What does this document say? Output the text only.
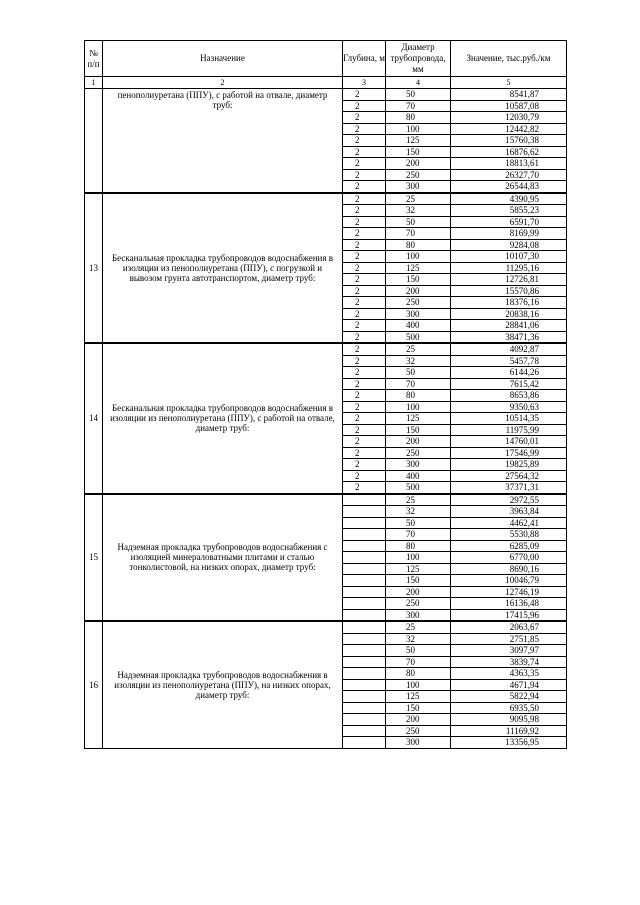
№ п/п	Назначение	Глубина, м	Диаметр трубопровода, мм	Значение, тыс.руб./км
1	2	3	4	5
	пенополиуретана (ППУ), с работой на отвале, диаметр труб:	2	50	8541,87
		2	70	10587,08
		2	80	12030,79
		2	100	12442,82
		2	125	15760,38
		2	150	16876,62
		2	200	18813,61
		2	250	26327,70
		2	300	26544,83
13	Бесканальная прокладка трубопроводов водоснабжения в изоляции из пенополиуретана (ППУ), с погрузкой и вывозом грунта автотранспортом, диаметр труб:	2	25	4390,95
		2	32	5855,23
		2	50	6591,70
		2	70	8169,99
		2	80	9284,08
		2	100	10107,30
		2	125	11295,16
		2	150	12726,81
		2	200	15570,86
		2	250	18376,16
		2	300	20838,16
		2	400	28841,06
		2	500	38471,36
14	Бесканальная прокладка трубопроводов водоснабжения в изоляции из пенополиуретана (ППУ), с работой на отвале, диаметр труб:	2	25	4092,87
		2	32	5457,78
		2	50	6144,26
		2	70	7615,42
		2	80	8653,86
		2	100	9350,63
		2	125	10514,35
		2	150	11975,99
		2	200	14760,01
		2	250	17546,99
		2	300	19825,89
		2	400	27564,32
		2	500	37371,31
15	Надземная прокладка трубопроводов водоснабжения с изоляцией минераловатными плитами и сталью тонколистовой, на низких опорах, диаметр труб:		25	2972,55
			32	3963,84
			50	4462,41
			70	5530,88
			80	6285,09
			100	6770,00
			125	8690,16
			150	10046,79
			200	12746,19
			250	16136,48
			300	17415,96
16	Надземная прокладка трубопроводов водоснабжения в изоляции из пенополиуретана (ППУ), на низких опорах, диаметр труб:		25	2063,67
			32	2751,85
			50	3097,97
			70	3839,74
			80	4363,35
			100	4671,94
			125	5822,94
			150	6935,50
			200	9095,98
			250	11169,92
			300	13356,95
